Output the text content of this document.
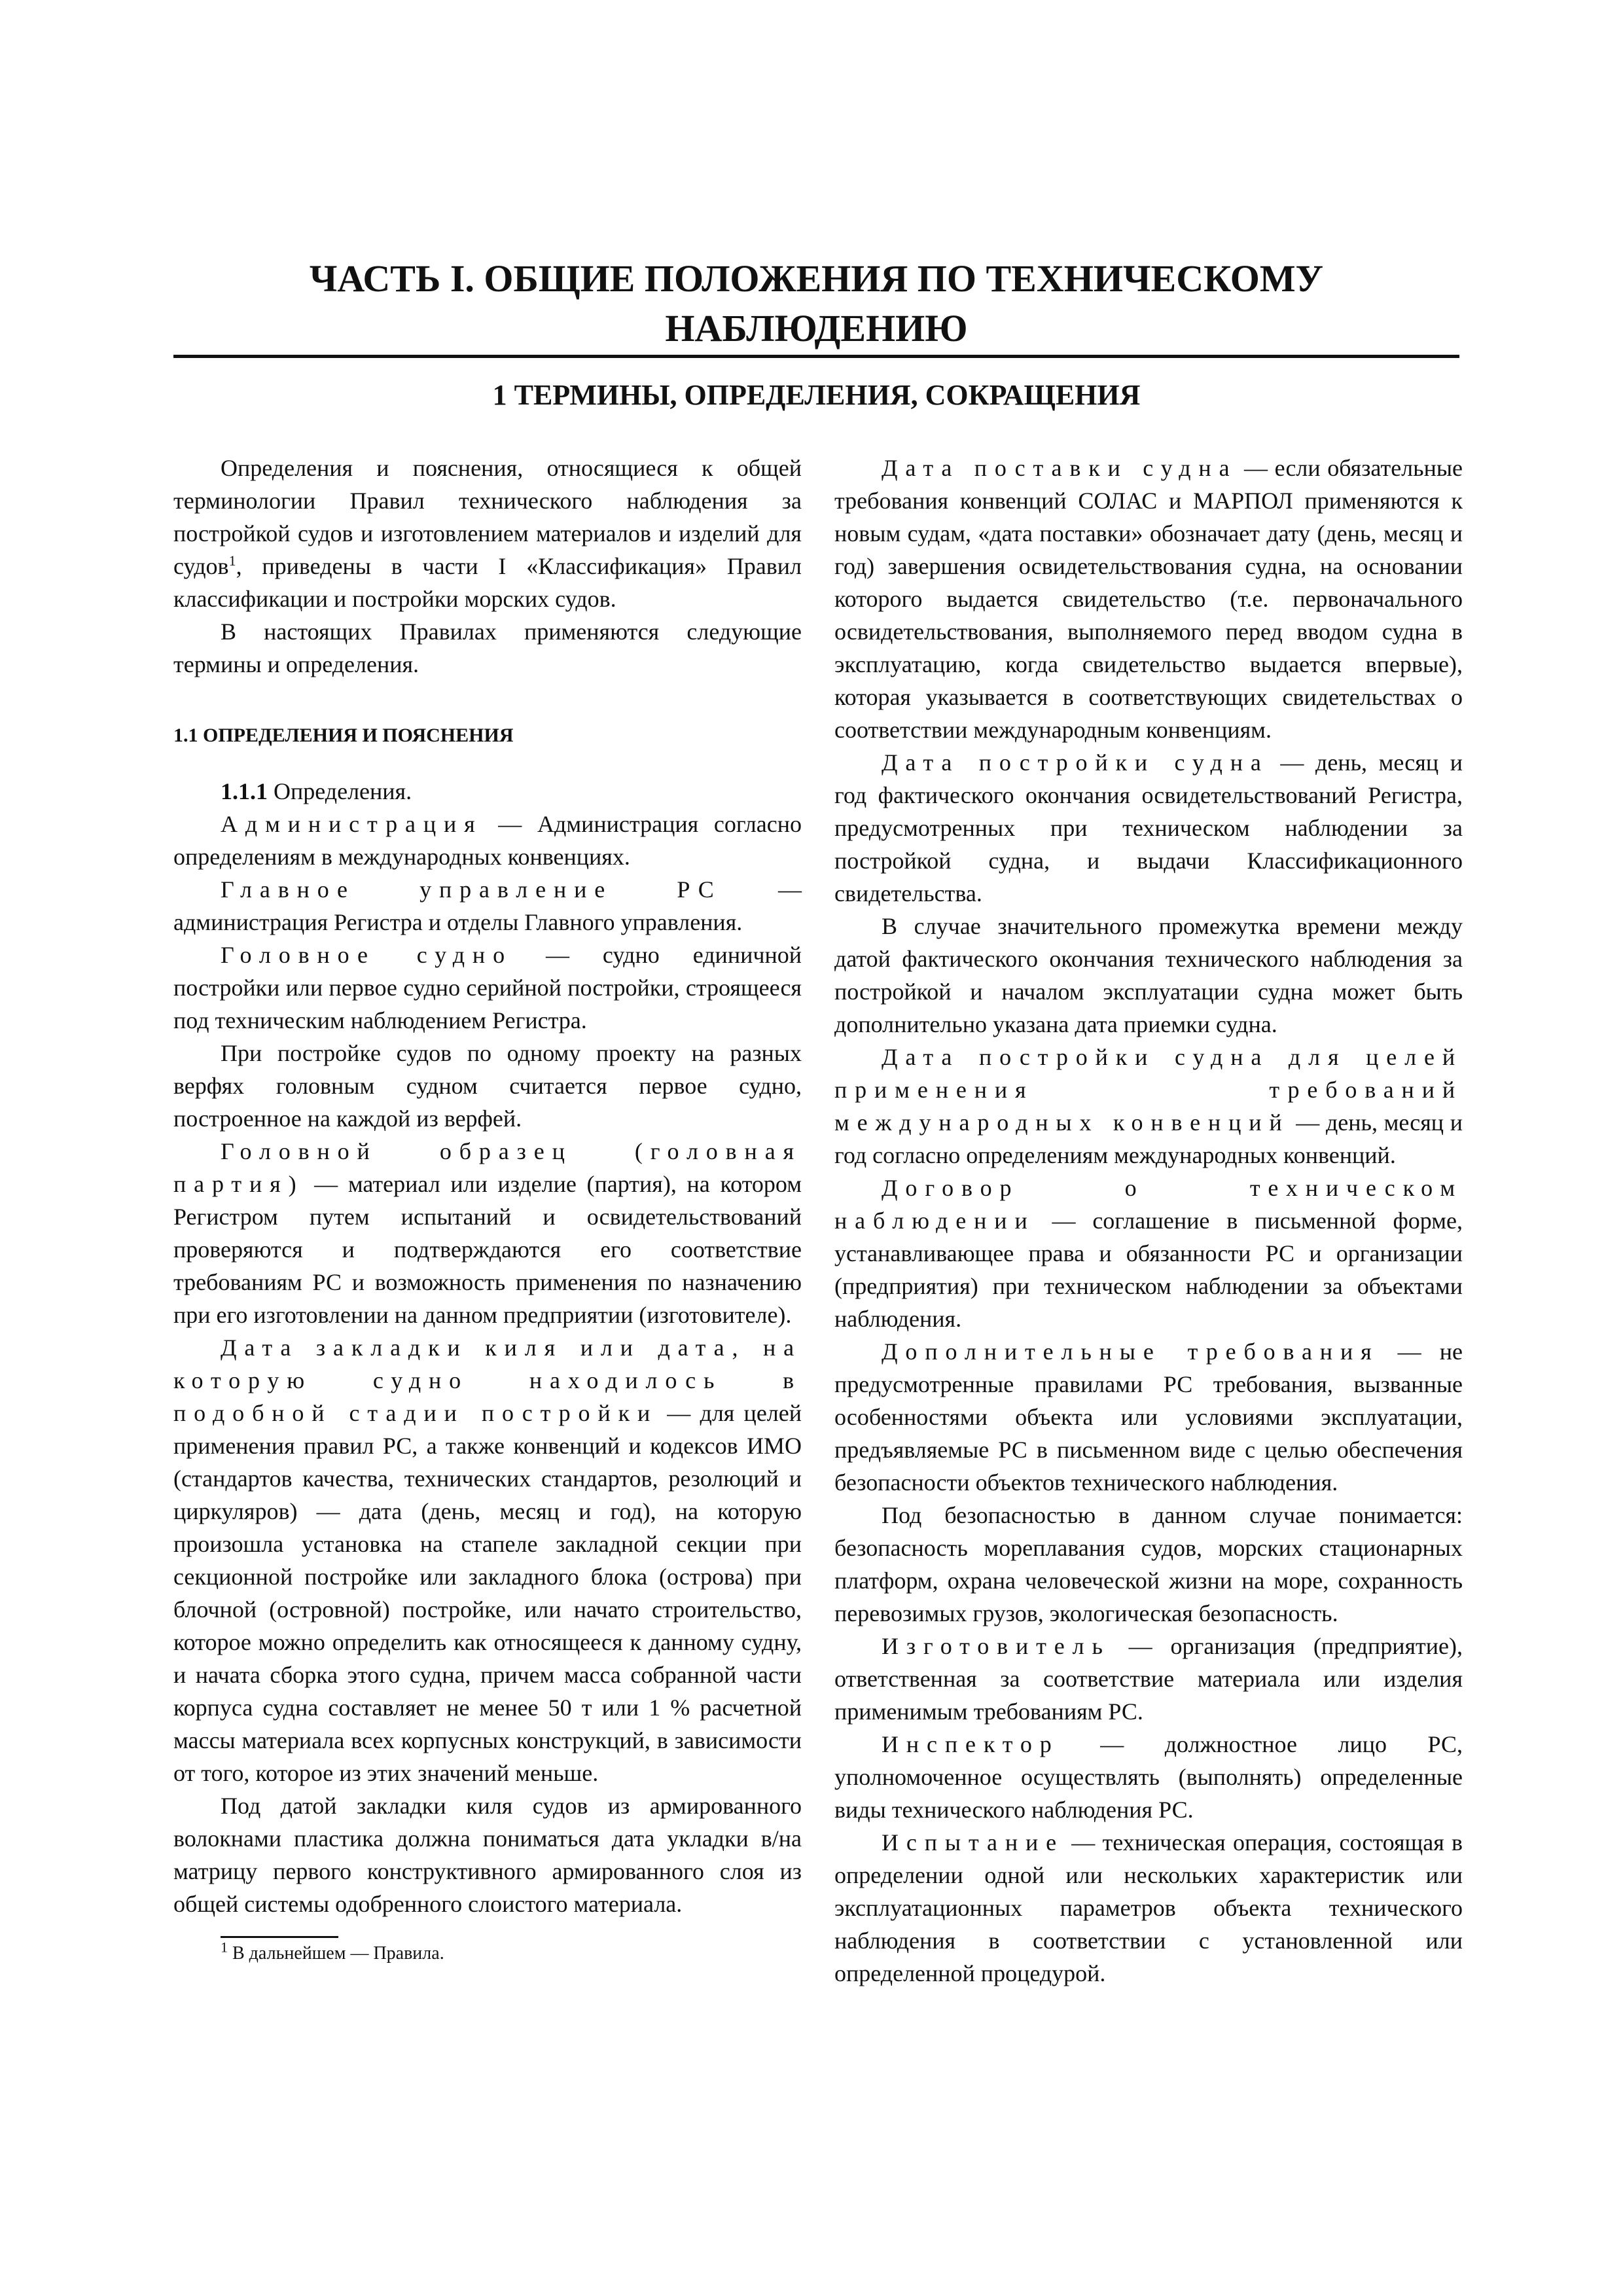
ЧАСТЬ I. ОБЩИЕ ПОЛОЖЕНИЯ ПО ТЕХНИЧЕСКОМУ НАБЛЮДЕНИЮ
1 ТЕРМИНЫ, ОПРЕДЕЛЕНИЯ, СОКРАЩЕНИЯ

Определения и пояснения, относящиеся к общей терминологии Правил технического наблюдения за постройкой судов и изготовлением материалов и изделий для судов$^1$, приведены в части I «Классификация» Правил классификации и постройки морских судов.

В настоящих Правилах применяются следующие термины и определения.

1.1 ОПРЕДЕЛЕНИЯ И ПОЯСНЕНИЯ

1.1.1 Определения.

Администрация — Администрация согласно определениям в международных конвенциях.

Главное управление РС — администрация Регистра и отделы Главного управления.

Головное судно — судно единичной постройки или первое судно серийной постройки, строящееся под техническим наблюдением Регистра.

При постройке судов по одному проекту на разных верфях головным судном считается первое судно, построенное на каждой из верфей.

Головной образец (головная партия) — материал или изделие (партия), на котором Регистром путем испытаний и освидетельствований проверяются и подтверждаются его соответствие требованиям РС и возможность применения по назначению при его изготовлении на данном предприятии (изготовителе).

Дата закладки киля или дата, на которую судно находилось в подобной стадии постройки — для целей применения правил РС, а также конвенций и кодексов ИМО (стандартов качества, технических стандартов, резолюций и циркуляров) — дата (день, месяц и год), на которую произошла установка на стапеле закладной секции при секционной постройке или закладного блока (острова) при блочной (островной) постройке, или начато строительство, которое можно определить как относящееся к данному судну, и начата сборка этого судна, причем масса собранной части корпуса судна составляет не менее 50 т или 1 % расчетной массы материала всех корпусных конструкций, в зависимости от того, которое из этих значений меньше.

Под датой закладки киля судов из армированного волокнами пластика должна пониматься дата укладки в/на матрицу первого конструктивного армированного слоя из общей системы одобренного слоистого материала.

$^1$ В дальнейшем — Правила.

Дата поставки судна — если обязательные требования конвенций СОЛАС и МАРПОЛ применяются к новым судам, «дата поставки» обозначает дату (день, месяц и год) завершения освидетельствования судна, на основании которого выдается свидетельство (т.е. первоначального освидетельствования, выполняемого перед вводом судна в эксплуатацию, когда свидетельство выдается впервые), которая указывается в соответствующих свидетельствах о соответствии международным конвенциям.

Дата постройки судна — день, месяц и год фактического окончания освидетельствований Регистра, предусмотренных при техническом наблюдении за постройкой судна, и выдачи Классификационного свидетельства.

В случае значительного промежутка времени между датой фактического окончания технического наблюдения за постройкой и началом эксплуатации судна может быть дополнительно указана дата приемки судна.

Дата постройки судна для целей применения требований международных конвенций — день, месяц и год согласно определениям международных конвенций.

Договор о техническом наблюдении — соглашение в письменной форме, устанавливающее права и обязанности РС и организации (предприятия) при техническом наблюдении за объектами наблюдения.

Дополнительные требования — не предусмотренные правилами РС требования, вызванные особенностями объекта или условиями эксплуатации, предъявляемые РС в письменном виде с целью обеспечения безопасности объектов технического наблюдения.

Под безопасностью в данном случае понимается: безопасность мореплавания судов, морских стационарных платформ, охрана человеческой жизни на море, сохранность перевозимых грузов, экологическая безопасность.

Изготовитель — организация (предприятие), ответственная за соответствие материала или изделия применимым требованиям РС.

Инспектор — должностное лицо РС, уполномоченное осуществлять (выполнять) определенные виды технического наблюдения РС.

Испытание — техническая операция, состоящая в определении одной или нескольких характеристик или эксплуатационных параметров объекта технического наблюдения в соответствии с установленной или определенной процедурой.
